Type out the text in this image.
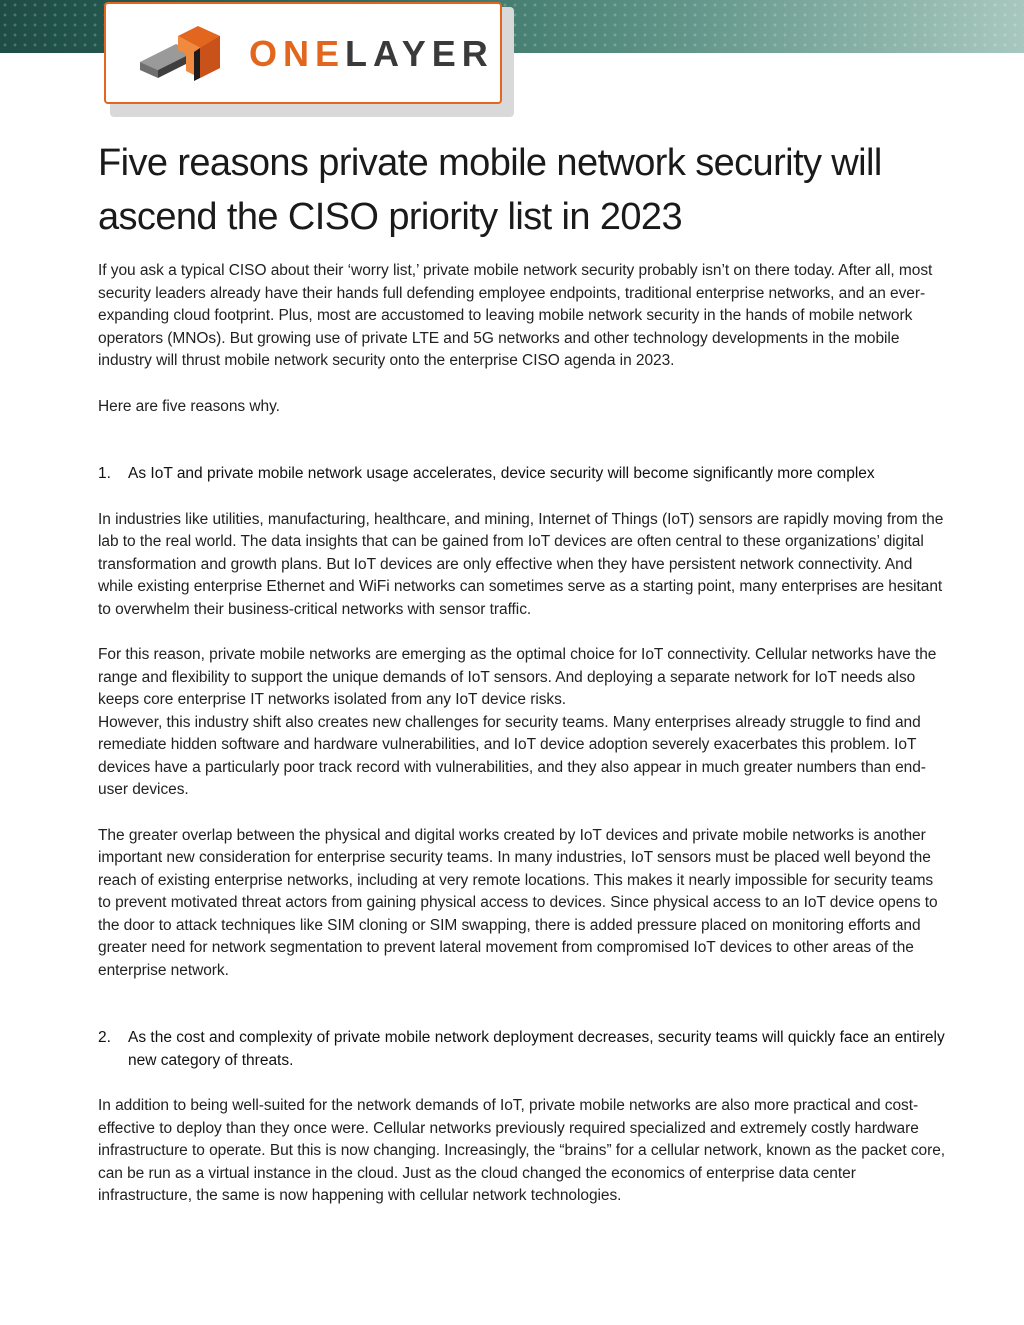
ONELAYER
Five reasons private mobile network security will ascend the CISO priority list in 2023

If you ask a typical CISO about their ‘worry list,’ private mobile network security probably isn’t on there today. After all, most security leaders already have their hands full defending employee endpoints, traditional enterprise networks, and an ever-expanding cloud footprint. Plus, most are accustomed to leaving mobile network security in the hands of mobile network operators (MNOs). But growing use of private LTE and 5G networks and other technology developments in the mobile industry will thrust mobile network security onto the enterprise CISO agenda in 2023.

Here are five reasons why.

1. As IoT and private mobile network usage accelerates, device security will become significantly more complex

In industries like utilities, manufacturing, healthcare, and mining, Internet of Things (IoT) sensors are rapidly moving from the lab to the real world. The data insights that can be gained from IoT devices are often central to these organizations’ digital transformation and growth plans. But IoT devices are only effective when they have persistent network connectivity. And while existing enterprise Ethernet and WiFi networks can sometimes serve as a starting point, many enterprises are hesitant to overwhelm their business-critical networks with sensor traffic.

For this reason, private mobile networks are emerging as the optimal choice for IoT connectivity. Cellular networks have the range and flexibility to support the unique demands of IoT sensors. And deploying a separate network for IoT needs also keeps core enterprise IT networks isolated from any IoT device risks.

However, this industry shift also creates new challenges for security teams. Many enterprises already struggle to find and remediate hidden software and hardware vulnerabilities, and IoT device adoption severely exacerbates this problem. IoT devices have a particularly poor track record with vulnerabilities, and they also appear in much greater numbers than end-user devices.

The greater overlap between the physical and digital works created by IoT devices and private mobile networks is another important new consideration for enterprise security teams. In many industries, IoT sensors must be placed well beyond the reach of existing enterprise networks, including at very remote locations. This makes it nearly impossible for security teams to prevent motivated threat actors from gaining physical access to devices. Since physical access to an IoT device opens to the door to attack techniques like SIM cloning or SIM swapping, there is added pressure placed on monitoring efforts and greater need for network segmentation to prevent lateral movement from compromised IoT devices to other areas of the enterprise network.

2. As the cost and complexity of private mobile network deployment decreases, security teams will quickly face an entirely new category of threats.

In addition to being well-suited for the network demands of IoT, private mobile networks are also more practical and cost-effective to deploy than they once were. Cellular networks previously required specialized and extremely costly hardware infrastructure to operate. But this is now changing. Increasingly, the “brains” for a cellular network, known as the packet core, can be run as a virtual instance in the cloud. Just as the cloud changed the economics of enterprise data center infrastructure, the same is now happening with cellular network technologies.
